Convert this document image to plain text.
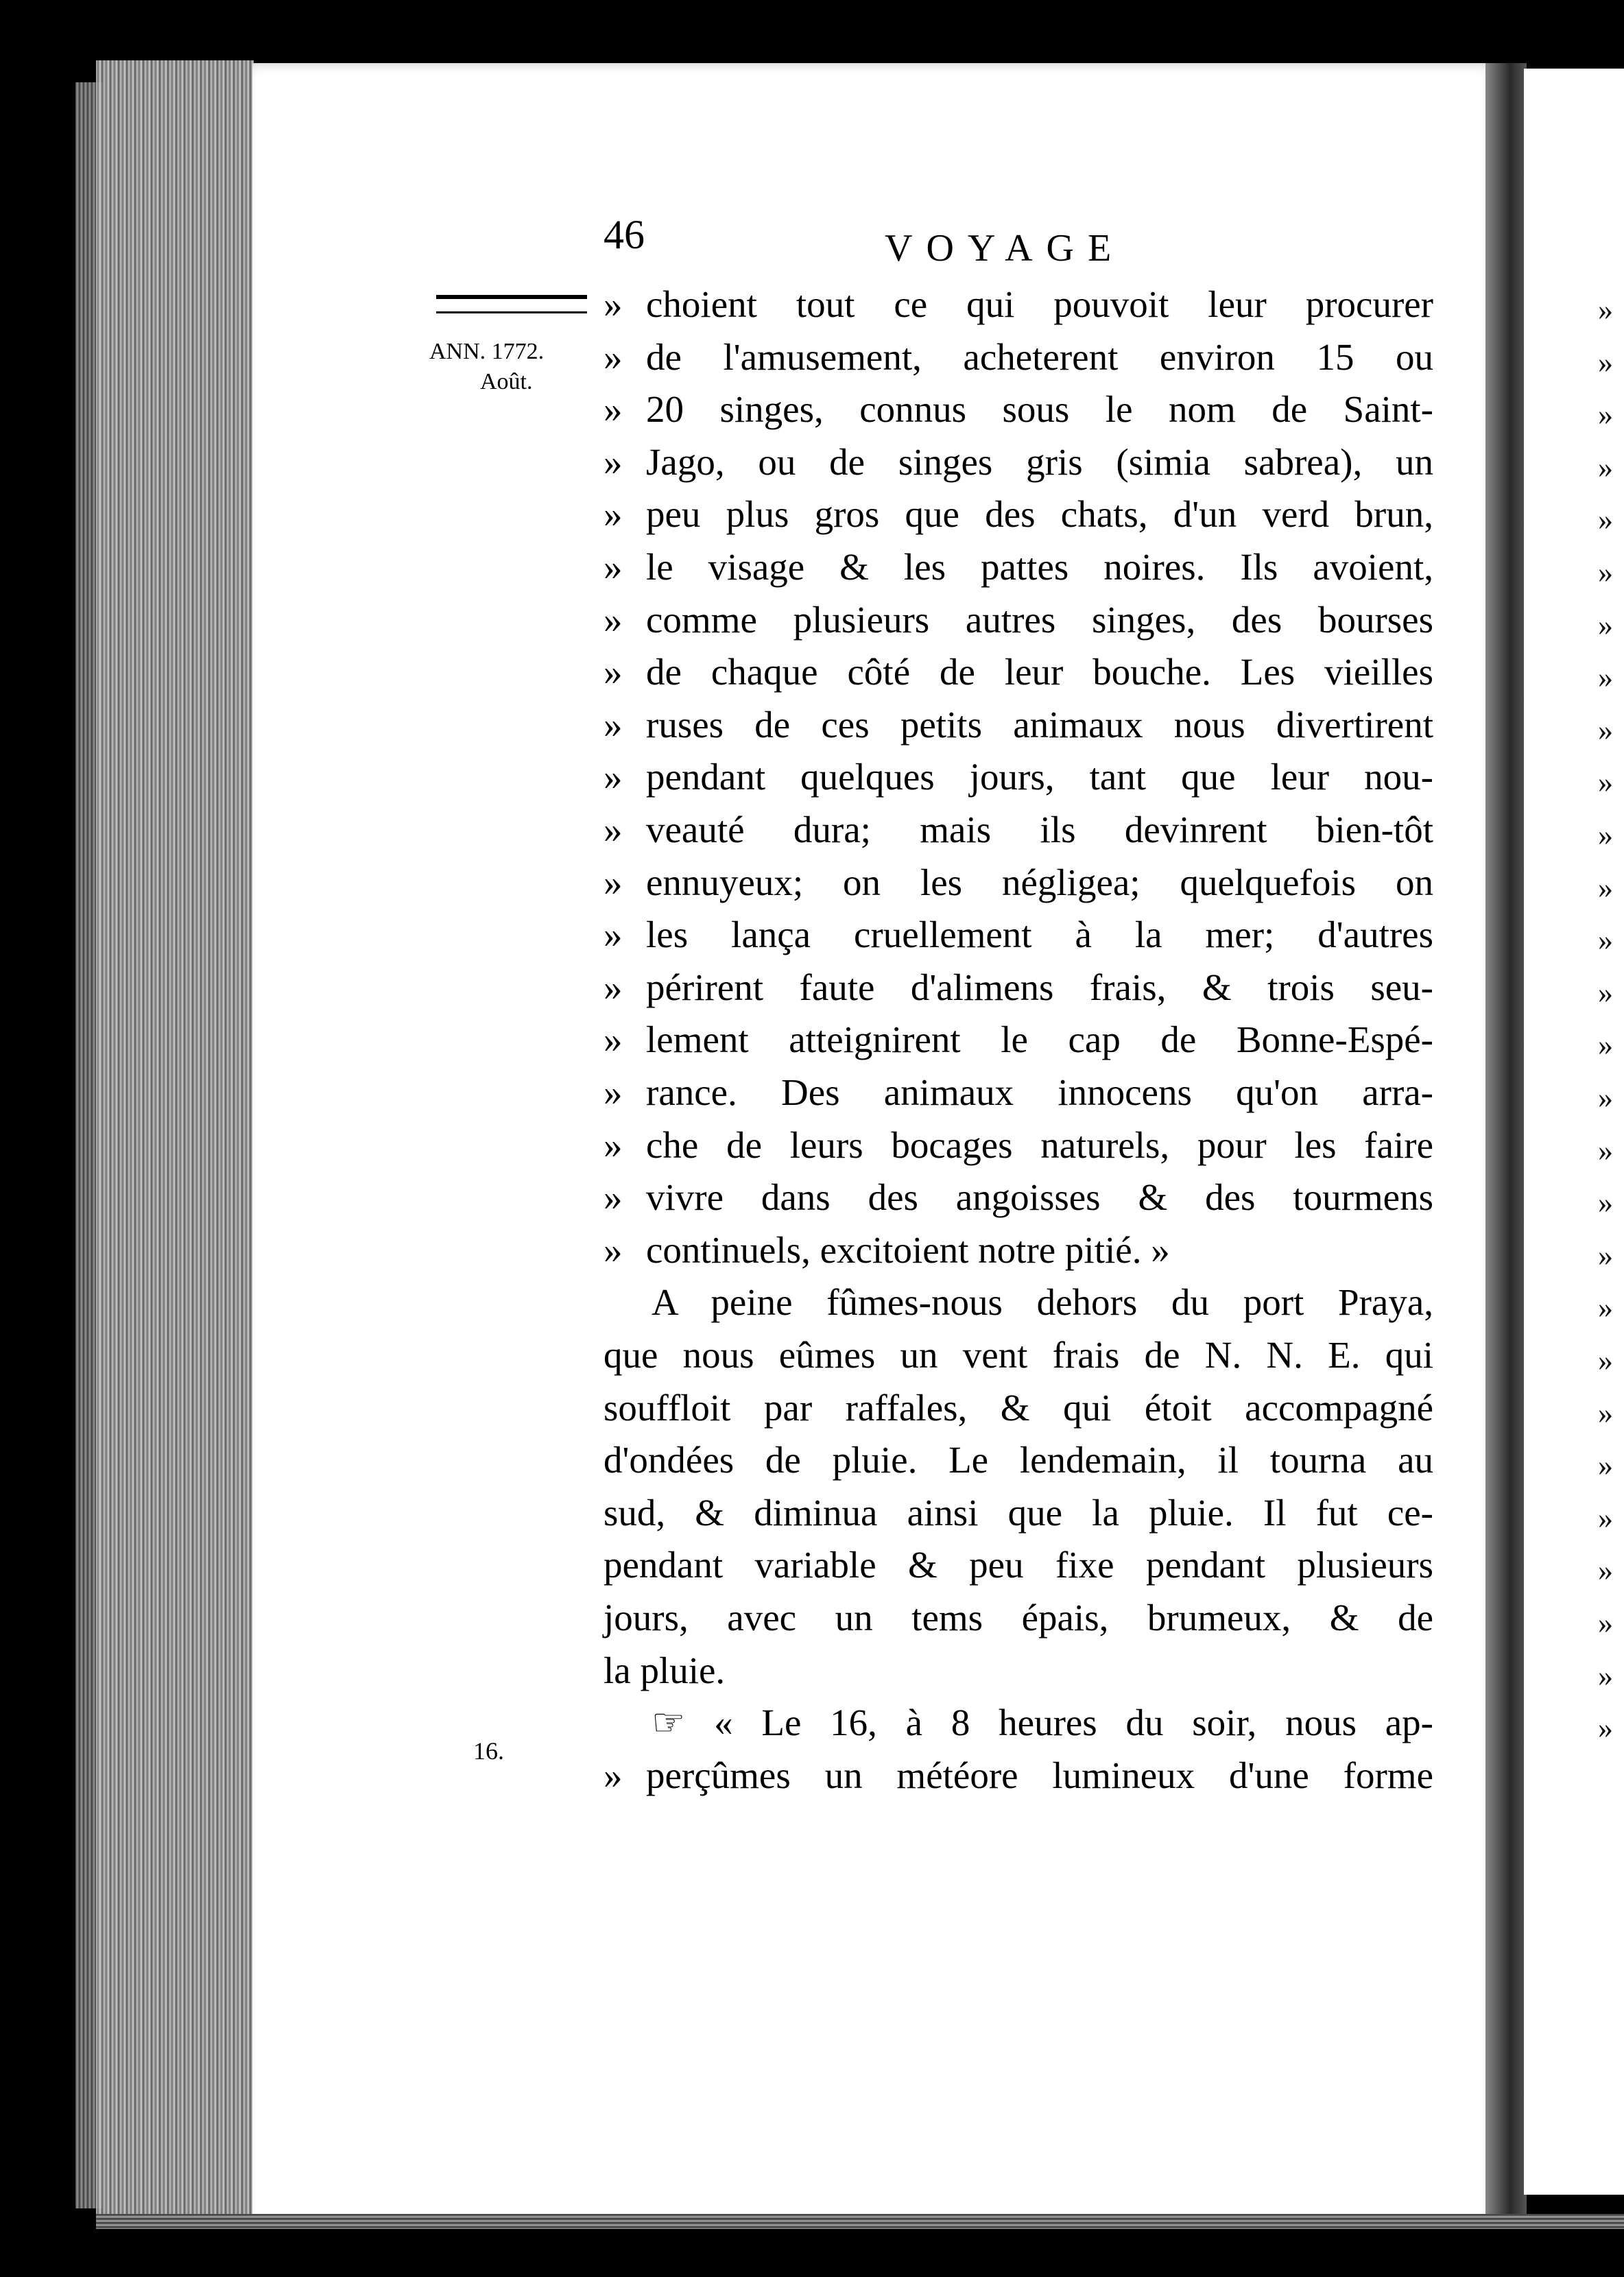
»
»
»
»
»
»
»
»
»
»
»
»
»
»
»
»
»
»
»
»
»
»
»
»
»
»
»
»
46	VOYAGE
ANN. 1772.
Août.
16.
» choient tout ce qui pouvoit leur procurer
» de l'amusement, acheterent environ 15 ou
» 20 singes, connus sous le nom de Saint-
» Jago, ou de singes gris (simia sabrea), un
» peu plus gros que des chats, d'un verd brun,
» le visage & les pattes noires. Ils avoient,
» comme plusieurs autres singes, des bourses
» de chaque côté de leur bouche. Les vieilles
» ruses de ces petits animaux nous divertirent
» pendant quelques jours, tant que leur nou-
» veauté dura; mais ils devinrent bien-tôt
» ennuyeux; on les négligea; quelquefois on
» les lança cruellement à la mer; d'autres
» périrent faute d'alimens frais, & trois seu-
» lement atteignirent le cap de Bonne-Espé-
» rance. Des animaux innocens qu'on arra-
» che de leurs bocages naturels, pour les faire
» vivre dans des angoisses & des tourmens
» continuels, excitoient notre pitié. »
A peine fûmes-nous dehors du port Praya,
que nous eûmes un vent frais de N. N. E. qui
souffloit par raffales, & qui étoit accompagné
d'ondées de pluie. Le lendemain, il tourna au
sud, & diminua ainsi que la pluie. Il fut ce-
pendant variable & peu fixe pendant plusieurs
jours, avec un tems épais, brumeux, & de
la pluie.
☞ « Le 16, à 8 heures du soir, nous ap-
» perçûmes un météore lumineux d'une forme
